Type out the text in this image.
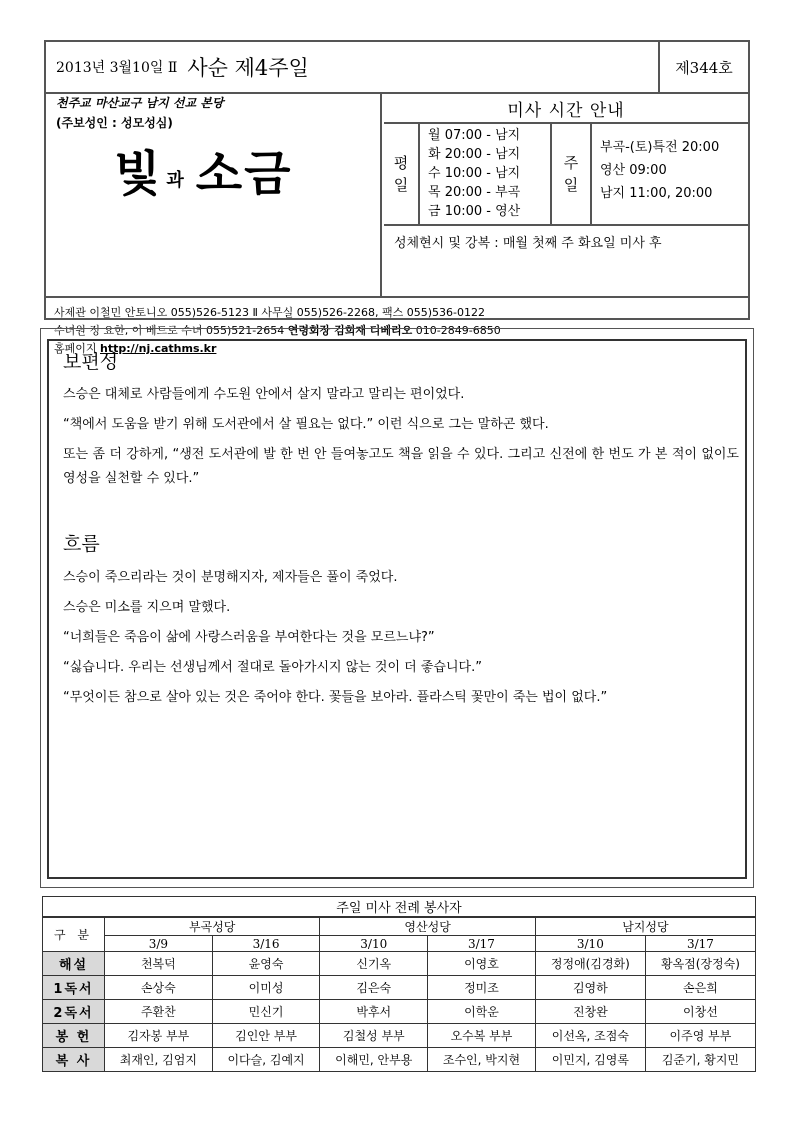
2013년 3월10일 Ⅱ 사순 제4주일	제344호
천주교 마산교구 남지 선교 본당
(주보성인 : 성모성심)
빛 과 소금
미사 시간 안내
평
일
월 07:00 - 남지
화 20:00 - 남지
수 10:00 - 남지
목 20:00 - 부곡
금 10:00 - 영산
주
일
부곡-(토)특전 20:00
영산 09:00
남지 11:00, 20:00
성체현시 및 강복 : 매월 첫째 주 화요일 미사 후
사제관 이철민 안토니오 055)526-5123 Ⅱ 사무실 055)526-2268, 팩스 055)536-0122
수녀원 정 요한, 이 베드로 수녀 055)521-2654 연령회장 김희재 디베리오 010-2849-6850
홈페이지 http://nj.cathms.kr
보편성
스승은 대체로 사람들에게 수도원 안에서 살지 말라고 말리는 편이었다.
“책에서 도움을 받기 위해 도서관에서 살 필요는 없다.” 이런 식으로 그는 말하곤 했다.
또는 좀 더 강하게, “생전 도서관에 발 한 번 안 들여놓고도 책을 읽을 수 있다. 그리고 신전에 한 번도 가 본 적이 없이도 영성을 실천할 수 있다.”
흐름
스승이 죽으리라는 것이 분명해지자, 제자들은 풀이 죽었다.
스승은 미소를 지으며 말했다.
“너희들은 죽음이 삶에 사랑스러움을 부여한다는 것을 모르느냐?”
“싫습니다. 우리는 선생님께서 절대로 돌아가시지 않는 것이 더 좋습니다.”
“무엇이든 참으로 살아 있는 것은 죽어야 한다. 꽃들을 보아라. 플라스틱 꽃만이 죽는 법이 없다.”
주일 미사 전례 봉사자						
구 분	부곡성당		영산성당		남지성당	
	3/9	3/16	3/10	3/17	3/10	3/17
해설	천복덕	윤영숙	신기옥	이영호	정정애(김경화)	황옥점(장정숙)
1독서	손상숙	이미성	김은숙	정미조	김영하	손은희
2독서	주환찬	민신기	박후서	이학운	진창완	이창선
봉 헌	김자봉 부부	김인안 부부	김철성 부부	오수복 부부	이선옥, 조점숙	이주영 부부
복 사	최재인, 김엄지	이다슬, 김예지	이해민, 안부용	조수인, 박지현	이민지, 김영록	김준기, 황지민
